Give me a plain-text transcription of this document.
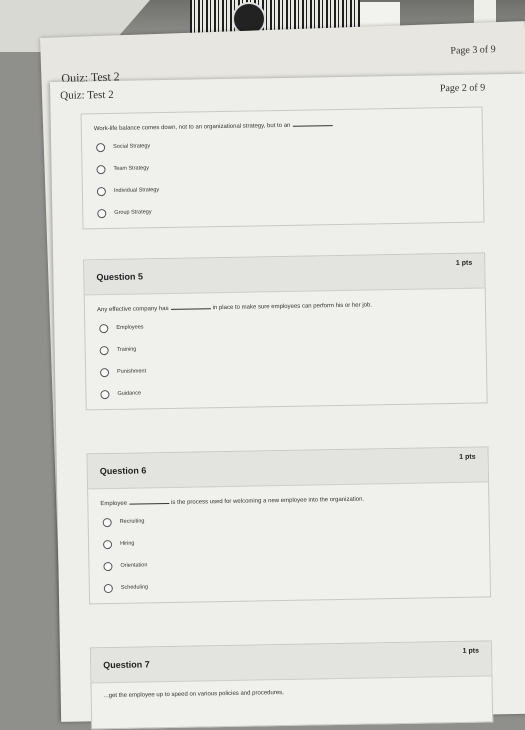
Quiz: Test 2
Page 3 of 9
Quiz: Test 2
Page 2 of 9
Work-life balance comes down, not to an organizational strategy, but to an
Social Strategy
Team Strategy
Individual Strategy
Group Strategy
Question 5
1 pts
Any effective company has	in place to make sure employees can perform his or her job.
Employees
Training
Punishment
Guidance
Question 6
1 pts
Employee	is the process used for welcoming a new employee into the organization.
Recruiting
Hiring
Orientation
Scheduling
Question 7
1 pts
...get the employee up to speed on various policies and procedures,
